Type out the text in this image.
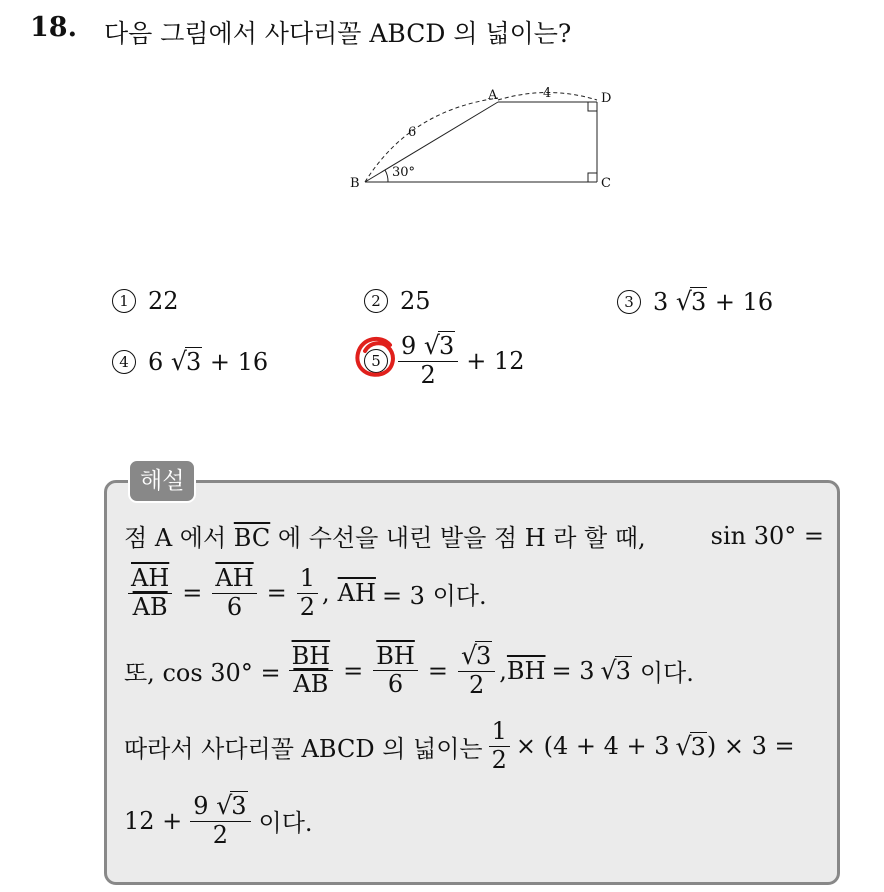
18. 다음 그림에서 사다리꼴 ABCD 의 넓이는?
A	D
B	C
4
6
30°
1 22	2 25	3 3 √3 + 16
4 6 √3 + 16	$5 \frac{9 √3}{2} + 12$
해설
점 A 에서 $\overline{BC}$ 에 수선을 내린 발을 점 H 라 할 때,	sin 30° =
$\frac{\overline{AH}}{AB} = \frac{\overline{AH}}{6} = \frac{1}{2}$ , $\overline{AH} = 3$ 이다.
또, $\cos 30^\circ = \frac{\overline{BH}}{AB} = \frac{\overline{BH}}{6} = \frac{√3}{2}$ , $\overline{BH} = 3$ √ 3 이다.
따라서 사다리꼴 ABCD 의 넓이는 $\frac{1}{2} \times (4 + 4 + 3$ √ 3 ) × 3 =
$12 + \frac{9 √3}{2}$ 이다.
